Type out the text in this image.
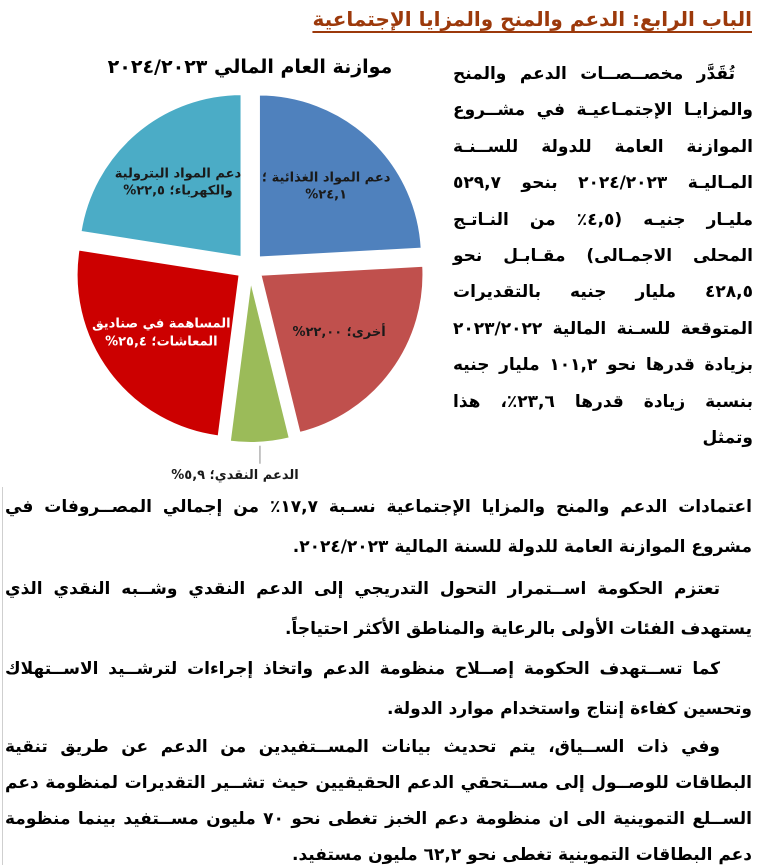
الباب الرابع: الدعم والمنح والمزايا الإجتماعية
موازنة العام المالي ٢٠٢٤/٢٠٢٣
دعم المواد الغذائية ؛ ٢٤,١%
أخرى؛ ٢٢,٠٠%
الدعم النقدي؛ ٥,٩%
المساهمة في صناديق المعاشات؛ ٢٥,٤%
دعم المواد البترولية والكهرباء؛ ٢٢,٥%
تُقَدَّر مخصــصــات الدعم والمنح والمزايـا الإجتمـاعيـة في مشــروع الموازنة العامة للدولة للســنـة المـاليـة ٢٠٢٤/٢٠٢٣ بنحو ٥٢٩,٧ مليـار جنيـه (٤,٥٪ من النـاتـج المحلى الاجمـالى) مقـابـل نحو ٤٢٨,٥ مليار جنيه بالتقديرات المتوقعة للسـنة المالية ٢٠٢٣/٢٠٢٢ بزيادة قدرها نحو ١٠١,٢ مليار جنيه بنسبة زيادة قدرها ٢٣,٦٪، هذا وتمثل
اعتمادات الدعم والمنح والمزايا الإجتماعية نسـبة ١٧,٧٪ من إجمالي المصــروفات في مشروع الموازنة العامة للدولة للسنة المالية ٢٠٢٤/٢٠٢٣.
تعتزم الحكومة اســتمرار التحول التدريجي إلى الدعم النقدي وشــبه النقدي الذي يستهدف الفئات الأولى بالرعاية والمناطق الأكثر احتياجاً.
كما تســتهدف الحكومة إصــلاح منظومة الدعم واتخاذ إجراءات لترشــيد الاســتهلاك وتحسين كفاءة إنتاج واستخدام موارد الدولة.
وفي ذات الســياق، يتم تحديث بيانات المســتفيدين من الدعم عن طريق تنقية البطاقات للوصــول إلى مســتحقي الدعم الحقيقيين حيث تشــير التقديرات لمنظومة دعم الســلع التموينية الى ان منظومة دعم الخبز تغطى نحو ٧٠ مليون مســتفيد بينما منظومة دعم البطاقات التموينية تغطى نحو ٦٢,٢ مليون مستفيد.
